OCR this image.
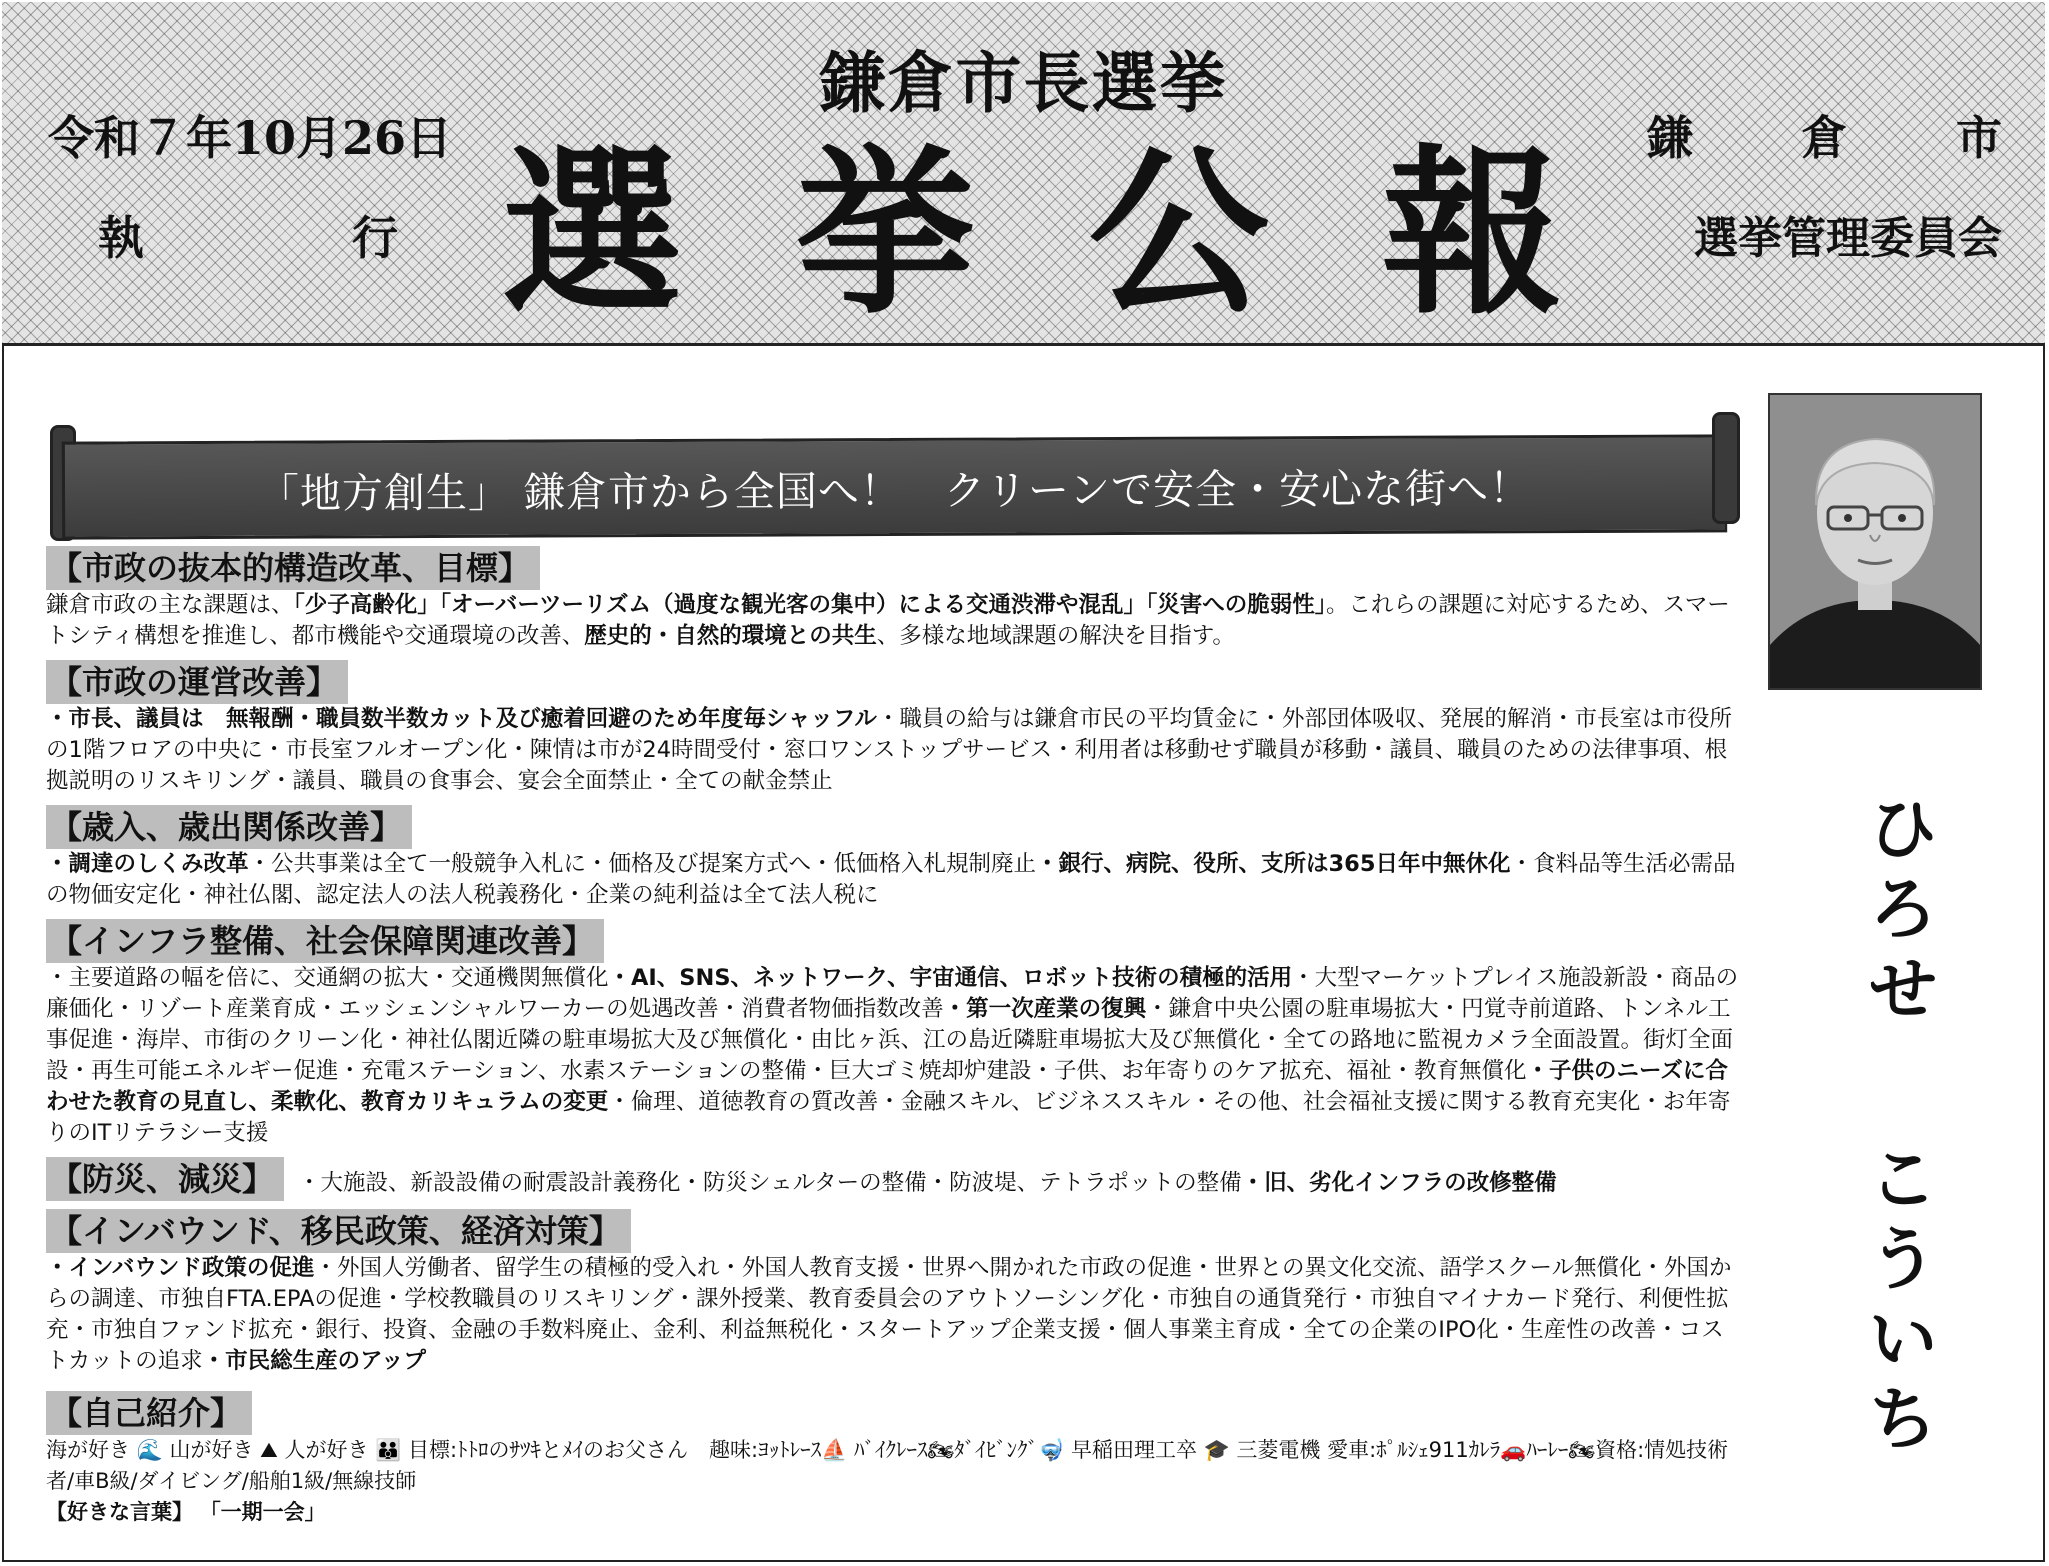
令和７年10月26日
執	行
鎌倉市長選挙
選 挙 公 報 鎌 倉 市
選挙管理委員会
「地方創生」 鎌倉市から全国へ！　クリーンで安全・安心な街へ！
ひ
ろ
せ
こ
う
い
ち
【市政の抜本的構造改革、目標】

鎌倉市政の主な課題は、「少子高齢化」「オーバーツーリズム（過度な観光客の集中）による交通渋滞や混乱」「災害への脆弱性」。これらの課題に対応するため、スマートシティ構想を推進し、都市機能や交通環境の改善、歴史的・自然的環境との共生、多様な地域課題の解決を目指す。

【市政の運営改善】

・市長、議員は　無報酬・職員数半数カット及び癒着回避のため年度毎シャッフル・職員の給与は鎌倉市民の平均賃金に・外部団体吸収、発展的解消・市長室は市役所の1階フロアの中央に・市長室フルオープン化・陳情は市が24時間受付・窓口ワンストップサービス・利用者は移動せず職員が移動・議員、職員のための法律事項、根拠説明のリスキリング・議員、職員の食事会、宴会全面禁止・全ての献金禁止

【歳入、歳出関係改善】

・調達のしくみ改革・公共事業は全て一般競争入札に・価格及び提案方式へ・低価格入札規制廃止・銀行、病院、役所、支所は365日年中無休化・食料品等生活必需品の物価安定化・神社仏閣、認定法人の法人税義務化・企業の純利益は全て法人税に

【インフラ整備、社会保障関連改善】

・主要道路の幅を倍に、交通網の拡大・交通機関無償化・AI、SNS、ネットワーク、宇宙通信、ロボット技術の積極的活用・大型マーケットプレイス施設新設・商品の廉価化・リゾート産業育成・エッシェンシャルワーカーの処遇改善・消費者物価指数改善・第一次産業の復興・鎌倉中央公園の駐車場拡大・円覚寺前道路、トンネル工事促進・海岸、市街のクリーン化・神社仏閣近隣の駐車場拡大及び無償化・由比ヶ浜、江の島近隣駐車場拡大及び無償化・全ての路地に監視カメラ全面設置。街灯全面設・再生可能エネルギー促進・充電ステーション、水素ステーションの整備・巨大ゴミ焼却炉建設・子供、お年寄りのケア拡充、福祉・教育無償化・子供のニーズに合わせた教育の見直し、柔軟化、教育カリキュラムの変更・倫理、道徳教育の質改善・金融スキル、ビジネススキル・その他、社会福祉支援に関する教育充実化・お年寄りのITリテラシー支援

【防災、減災】 ・大施設、新設設備の耐震設計義務化・防災シェルターの整備・防波堤、テトラポットの整備・旧、劣化インフラの改修整備

【インバウンド、移民政策、経済対策】

・インバウンド政策の促進・外国人労働者、留学生の積極的受入れ・外国人教育支援・世界へ開かれた市政の促進・世界との異文化交流、語学スクール無償化・外国からの調達、市独自FTA.EPAの促進・学校教職員のリスキリング・課外授業、教育委員会のアウトソーシング化・市独自の通貨発行・市独自マイナカード発行、利便性拡充・市独自ファンド拡充・銀行、投資、金融の手数料廃止、金利、利益無税化・スタートアップ企業支援・個人事業主育成・全ての企業のIPO化・生産性の改善・コストカットの追求・市民総生産のアップ

【自己紹介】

海が好き 🌊 山が好き ⛰ 人が好き 👪 目標:ﾄﾄﾛのｻﾂｷとﾒｲのお父さん　趣味:ﾖｯﾄﾚｰｽ⛵ ﾊﾞｲｸﾚｰｽ🏍ﾀﾞｲﾋﾞﾝｸﾞ🤿 早稲田理工卒 🎓 三菱電機 愛車:ﾎﾟﾙｼｪ911ｶﾚﾗ🚗ﾊｰﾚｰ🏍資格:情処技術者/車B級/ダイビング/船舶1級/無線技師

【好きな言葉】 「一期一会」
